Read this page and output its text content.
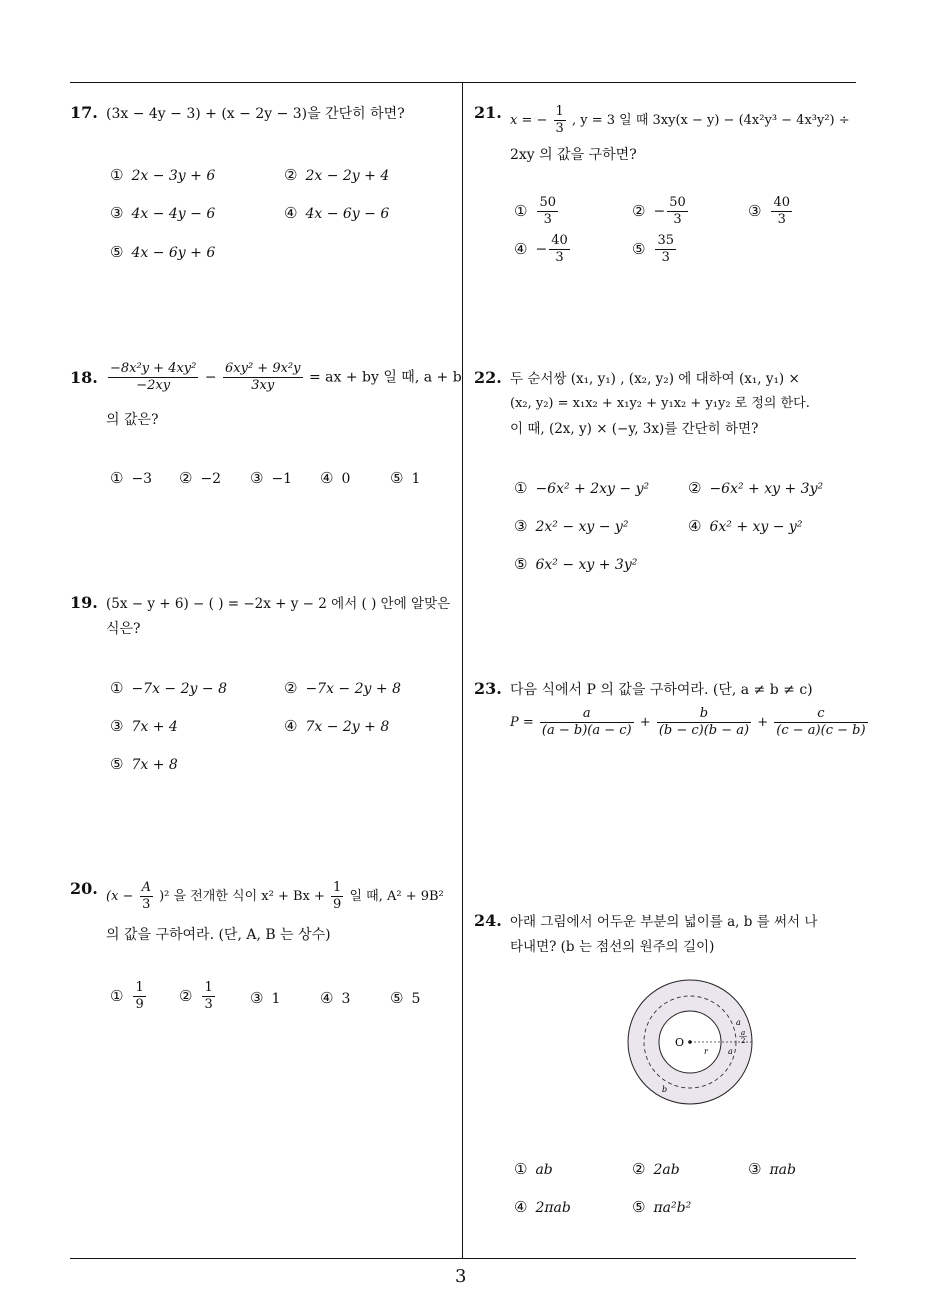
17. (3x − 4y − 3) + (x − 2y − 3)을 간단히 하면?
① 2x − 3y + 6	② 2x − 2y + 4
③ 4x − 4y − 6	④ 4x − 6y − 6
⑤ 4x − 6y + 6
18. $\frac{\text{−8x²y + 4xy²}}{-2xy} - \frac{\text{6xy² + 9x²y}}{3xy}$ = ax + by 일 때, a + b
의 값은?
① −3 ② −2 ③ −1 ④ 0	⑤ 1
19. (5x − y + 6) − ( ) = −2x + y − 2 에서 ( ) 안에 알맞은
식은?
① −7x − 2y − 8	② −7x − 2y + 8
③ 7x + 4	④ 7x − 2y + 8
⑤ 7x + 8
20. $(x - \frac{A}{3} )^2$ 을 전개한 식이 $x^2 + Bx + \frac{1}{9}$ 일 때, A² + 9B²
의 값을 구하여라. (단, A, B 는 상수)
① $\frac{1}{9}$ ② $\frac{1}{3}$ ③ 1	④ 3	⑤ 5
21. x = − $\frac{1}{3}$ , y = 3 일 때 3xy(x − y) − (4x²y³ − 4x³y²) ÷
2xy 의 값을 구하면?
① $\frac{50}{3}$	② − $\frac{50}{3}$	③ $\frac{40}{3}$
④ − $\frac{40}{3}$	⑤ $\frac{35}{3}$
22. 두 순서쌍 (x₁, y₁) , (x₂, y₂) 에 대하여 (x₁, y₁) ×
(x₂, y₂) = x₁x₂ + x₁y₂ + y₁x₂ + y₁y₂ 로 정의 한다.
이 때, (2x, y) × (−y, 3x)를 간단히 하면?
① −6x² + 2xy − y²	② −6x² + xy + 3y²
③ 2x² − xy − y²	④ 6x² + xy − y²
⑤ 6x² − xy + 3y²
23. 다음 식에서 P 의 값을 구하여라. (단, a ≠ b ≠ c)
$P = \frac{a}{(a - b)(a - c)} + \frac{b}{(b - c)(b - a)} + \frac{c}{(c - a)(c - b)}$
24. 아래 그림에서 어두운 부분의 넓이를 a, b 를 써서 나
타내면? (b 는 점선의 원주의 길이)
O
r	a
a
a
2
b
① ab	② 2ab	③ πab
④ 2πab	⑤ πa²b²
3
